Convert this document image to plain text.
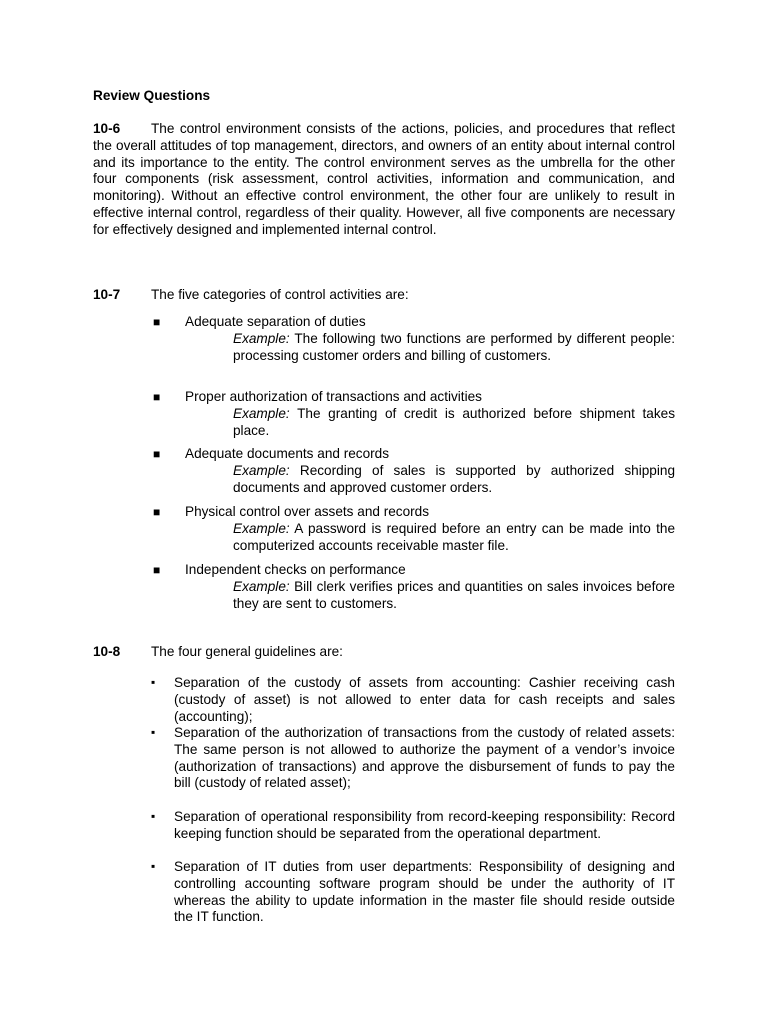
Review Questions

10-6 The control environment consists of the actions, policies, and procedures that reflect the overall attitudes of top management, directors, and owners of an entity about internal control and its importance to the entity. The control environment serves as the umbrella for the other four components (risk assessment, control activities, information and communication, and monitoring). Without an effective control environment, the other four are unlikely to result in effective internal control, regardless of their quality. However, all five components are necessary for effectively designed and implemented internal control.

10-7 The five categories of control activities are:
■ Adequate separation of duties

Example: The following two functions are performed by different people: processing customer orders and billing of customers.

■ Proper authorization of transactions and activities

Example: The granting of credit is authorized before shipment takes place.

■ Adequate documents and records

Example: Recording of sales is supported by authorized shipping documents and approved customer orders.

■ Physical control over assets and records

Example: A password is required before an entry can be made into the computerized accounts receivable master file.

■ Independent checks on performance

Example: Bill clerk verifies prices and quantities on sales invoices before they are sent to customers.

10-8 The four general guidelines are:
▪ Separation of the custody of assets from accounting: Cashier receiving cash (custody of asset) is not allowed to enter data for cash receipts and sales (accounting);

▪ Separation of the authorization of transactions from the custody of related assets: The same person is not allowed to authorize the payment of a vendor’s invoice (authorization of transactions) and approve the disbursement of funds to pay the bill (custody of related asset);

▪ Separation of operational responsibility from record-keeping responsibility: Record keeping function should be separated from the operational department.

▪ Separation of IT duties from user departments: Responsibility of designing and controlling accounting software program should be under the authority of IT whereas the ability to update information in the master file should reside outside the IT function.
